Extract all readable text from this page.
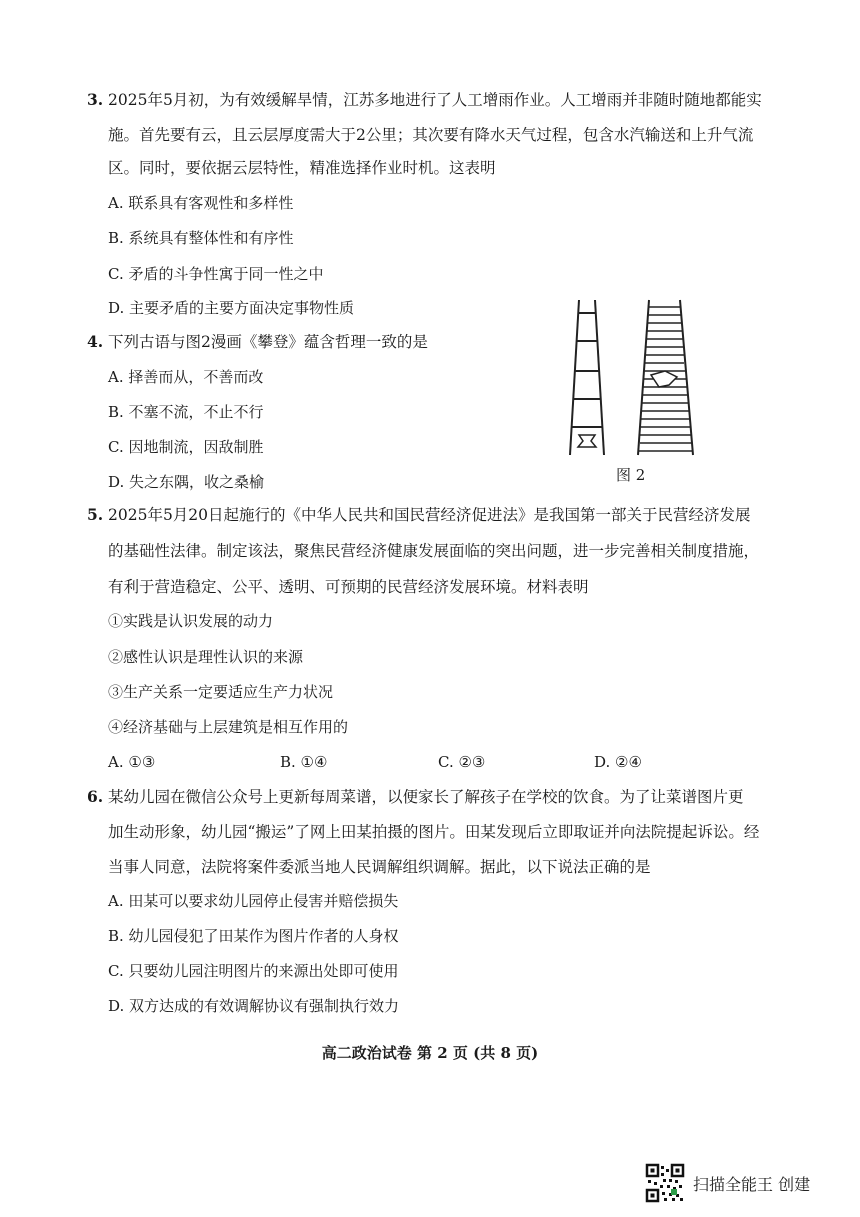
3. 2025年5月初，为有效缓解旱情，江苏多地进行了人工增雨作业。人工增雨并非随时随地都能实
施。首先要有云，且云层厚度需大于2公里；其次要有降水天气过程，包含水汽输送和上升气流
区。同时，要依据云层特性，精准选择作业时机。这表明
A. 联系具有客观性和多样性
B. 系统具有整体性和有序性
C. 矛盾的斗争性寓于同一性之中
D. 主要矛盾的主要方面决定事物性质
4. 下列古语与图2漫画《攀登》蕴含哲理一致的是
A. 择善而从，不善而改
B. 不塞不流，不止不行
C. 因地制流，因敌制胜
D. 失之东隅，收之桑榆	图 2
5. 2025年5月20日起施行的《中华人民共和国民营经济促进法》是我国第一部关于民营经济发展
的基础性法律。制定该法，聚焦民营经济健康发展面临的突出问题，进一步完善相关制度措施，
有利于营造稳定、公平、透明、可预期的民营经济发展环境。材料表明
①实践是认识发展的动力
②感性认识是理性认识的来源
③生产关系一定要适应生产力状况
④经济基础与上层建筑是相互作用的
A. ①③	B. ①④	C. ②③	D. ②④
6. 某幼儿园在微信公众号上更新每周菜谱，以便家长了解孩子在学校的饮食。为了让菜谱图片更
加生动形象，幼儿园“搬运”了网上田某拍摄的图片。田某发现后立即取证并向法院提起诉讼。经
当事人同意，法院将案件委派当地人民调解组织调解。据此，以下说法正确的是
A. 田某可以要求幼儿园停止侵害并赔偿损失
B. 幼儿园侵犯了田某作为图片作者的人身权
C. 只要幼儿园注明图片的来源出处即可使用
D. 双方达成的有效调解协议有强制执行效力
高二政治试卷 第 2 页 (共 8 页)
扫描全能王 创建
